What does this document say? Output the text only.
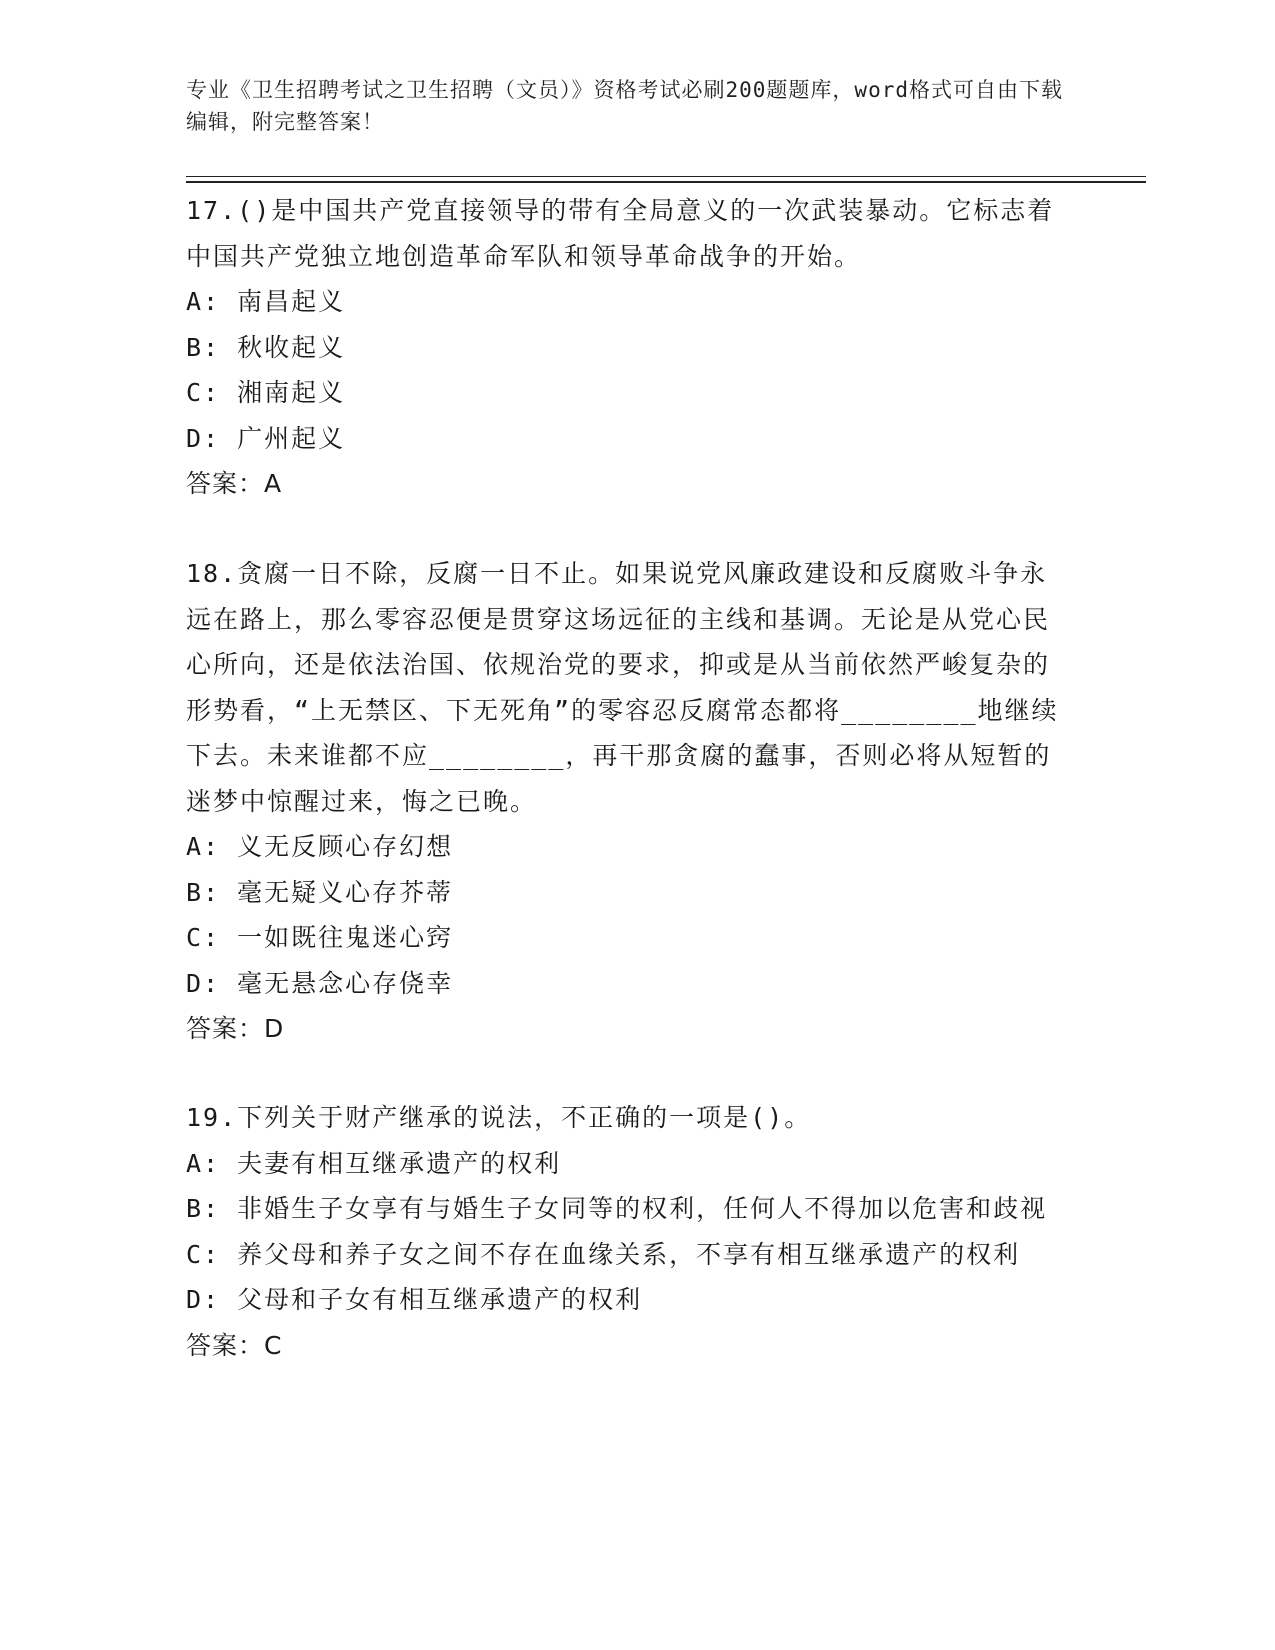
专业《卫生招聘考试之卫生招聘（文员）》资格考试必刷200题题库，word格式可自由下载编辑，附完整答案！

17.()是中国共产党直接领导的带有全局意义的一次武装暴动。它标志着中国共产党独立地创造革命军队和领导革命战争的开始。

A: 南昌起义

B: 秋收起义

C: 湘南起义

D: 广州起义

答案：A

18.贪腐一日不除，反腐一日不止。如果说党风廉政建设和反腐败斗争永远在路上，那么零容忍便是贯穿这场远征的主线和基调。无论是从党心民心所向，还是依法治国、依规治党的要求，抑或是从当前依然严峻复杂的形势看，“上无禁区、下无死角”的零容忍反腐常态都将________地继续下去。未来谁都不应________，再干那贪腐的蠢事，否则必将从短暂的迷梦中惊醒过来，悔之已晚。

A: 义无反顾心存幻想

B: 毫无疑义心存芥蒂

C: 一如既往鬼迷心窍

D: 毫无悬念心存侥幸

答案：D

19.下列关于财产继承的说法，不正确的一项是()。

A: 夫妻有相互继承遗产的权利

B: 非婚生子女享有与婚生子女同等的权利，任何人不得加以危害和歧视

C: 养父母和养子女之间不存在血缘关系，不享有相互继承遗产的权利

D: 父母和子女有相互继承遗产的权利

答案：C
